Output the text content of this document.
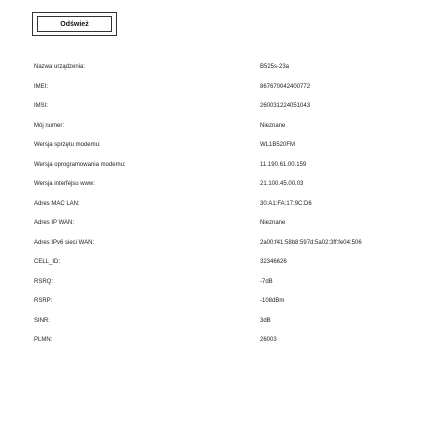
Odśwież
Nazwa urządzenia:	B525s-23a
IMEI:	867670042400772
IMSI:	260031224051043
Mój numer:	Nieznane
Wersja sprzętu modemu:	WL1B520FM
Wersja oprogramowania modemu:	11.190.61.00.159
Wersja interfejsu www:	21.100.45.00.03
Adres MAC LAN:	30:A1:FA:17:9C:D6
Adres IP WAN:	Nieznane
Adres IPv6 sieci WAN:	2a00:f41:58b8:597d:5a02:3ff:fe04:506
CELL_ID:	32346626
RSRQ:	-7dB
RSRP:	-108dBm
SINR:	3dB
PLMN:	26003
